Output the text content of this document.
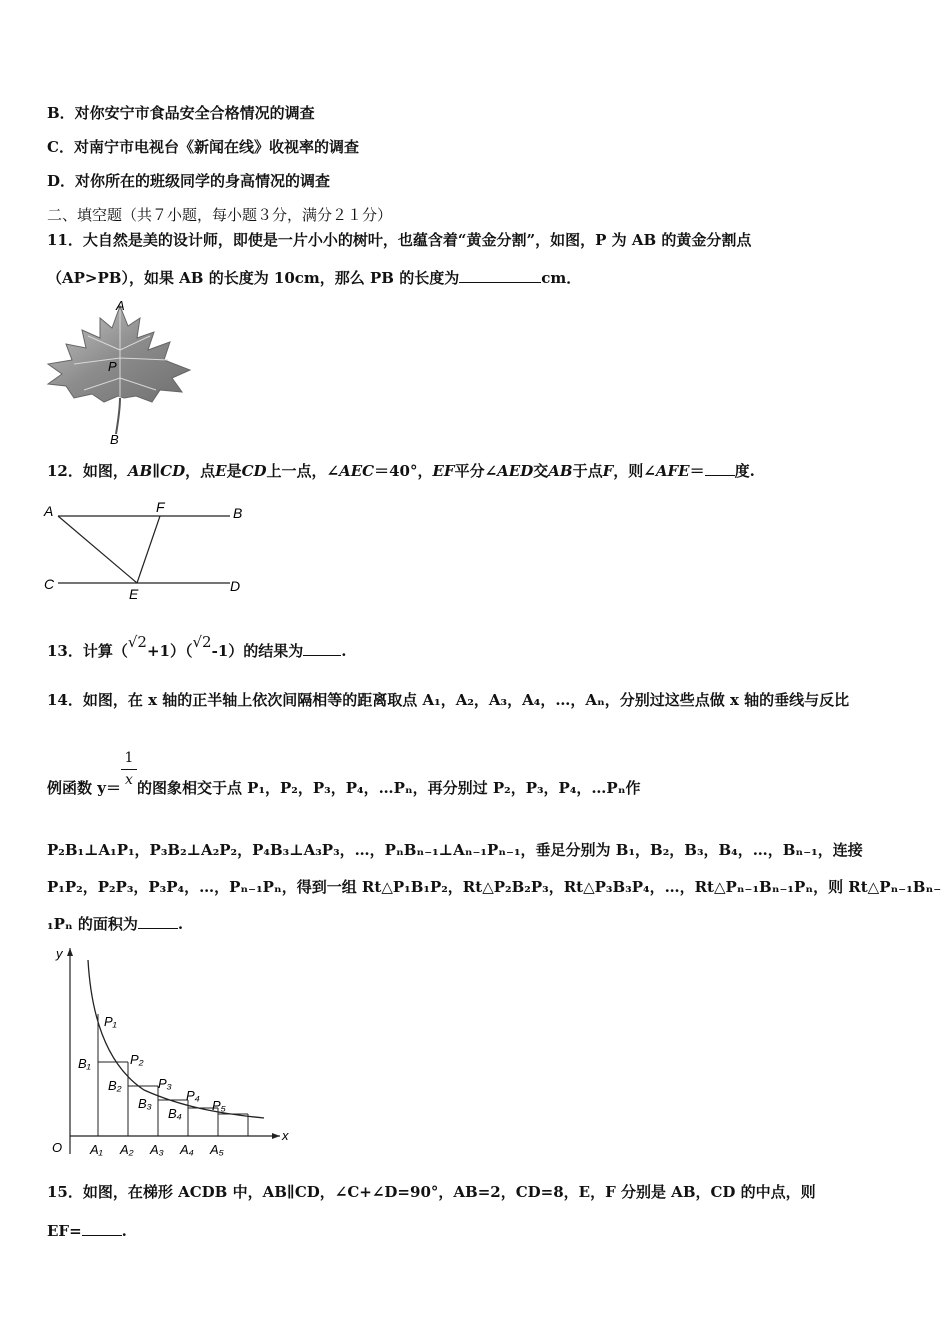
B．对你安宁市食品安全合格情况的调查
C．对南宁市电视台《新闻在线》收视率的调查
D．对你所在的班级同学的身高情况的调查
二、填空题（共７小题，每小题３分，满分２１分）
11．大自然是美的设计师，即使是一片小小的树叶，也蕴含着“黄金分割”，如图，P 为 AB 的黄金分割点
（AP>PB），如果 AB 的长度为 10cm，那么 PB 的长度为	cm．
A
P
B
12．如图，AB∥CD，点E是CD上一点，∠AEC＝40°，EF平分∠AED交AB于点F，则∠AFE＝ 度.
A	F	B
C
E	D
13．计算（√2+1）（√2-1）的结果为	.
14．如图，在 x 轴的正半轴上依次间隔相等的距离取点 A₁，A₂，A₃，A₄，…，Aₙ，分别过这些点做 x 轴的垂线与反比
例函数 $y= \frac{1}{x}$ 的图象相交于点 P₁，P₂，P₃，P₄，…Pₙ，再分别过 P₂，P₃，P₄，…Pₙ作
P₂B₁⊥A₁P₁，P₃B₂⊥A₂P₂，P₄B₃⊥A₃P₃，…，PₙBₙ₋₁⊥Aₙ₋₁Pₙ₋₁，垂足分别为 B₁，B₂，B₃，B₄，…，Bₙ₋₁，连接
P₁P₂，P₂P₃，P₃P₄，…，Pₙ₋₁Pₙ，得到一组 Rt△P₁B₁P₂，Rt△P₂B₂P₃，Rt△P₃B₃P₄，…，Rt△Pₙ₋₁Bₙ₋₁Pₙ，则 Rt△Pₙ₋₁Bₙ₋
₁Pₙ 的面积为	.
y
x
O
P₁
P₂
P₃
P₄
P₅
B₁
B₂
B₃
B₄
A₁ A₂ A₃ A₄ A₅
15．如图，在梯形 ACDB 中，AB∥CD，∠C+∠D=90°，AB=2，CD=8，E，F 分别是 AB，CD 的中点，则
EF=	.
